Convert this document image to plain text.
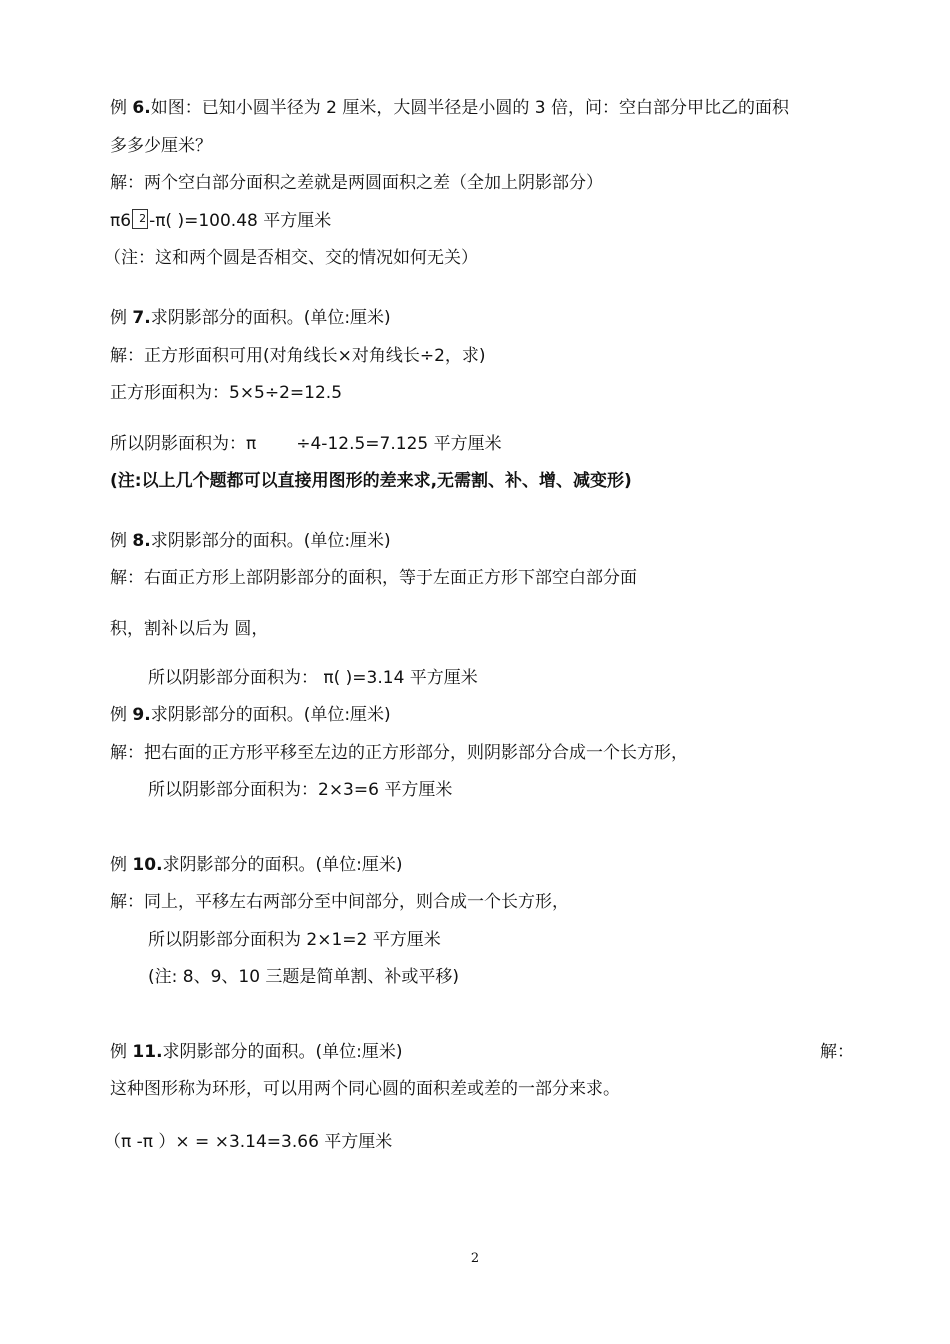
例 6.如图：已知小圆半径为 2 厘米，大圆半径是小圆的 3 倍，问：空白部分甲比乙的面积
多多少厘米？
解：两个空白部分面积之差就是两圆面积之差（全加上阴影部分）
π6 2 -π( )=100.48 平方厘米
（注：这和两个圆是否相交、交的情况如何无关）
例 7.求阴影部分的面积。(单位:厘米)
解：正方形面积可用(对角线长×对角线长÷2，求)
正方形面积为：5×5÷2=12.5
所以阴影面积为：π ÷4-12.5=7.125 平方厘米
(注:以上几个题都可以直接用图形的差来求,无需割、补、增、减变形)
例 8.求阴影部分的面积。(单位:厘米)
解：右面正方形上部阴影部分的面积，等于左面正方形下部空白部分面
积，割补以后为 圆，
所以阴影部分面积为： π( )=3.14 平方厘米
例 9.求阴影部分的面积。(单位:厘米)
解：把右面的正方形平移至左边的正方形部分，则阴影部分合成一个长方形，
所以阴影部分面积为：2×3=6 平方厘米
例 10.求阴影部分的面积。(单位:厘米)
解：同上，平移左右两部分至中间部分，则合成一个长方形，
所以阴影部分面积为 2×1=2 平方厘米
(注: 8、9、10 三题是简单割、补或平移)
例 11.求阴影部分的面积。(单位:厘米)	解：
这种图形称为环形，可以用两个同心圆的面积差或差的一部分来求。
（π -π ）× = ×3.14=3.66 平方厘米
2
